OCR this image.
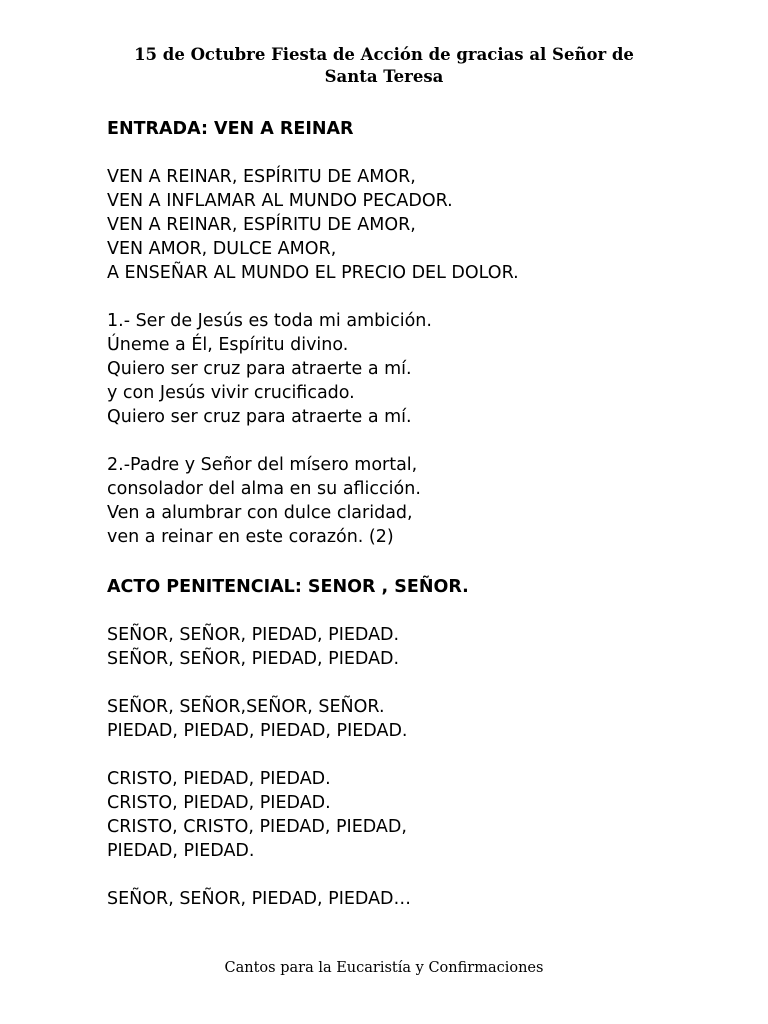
15 de Octubre Fiesta de Acción de gracias al Señor de
Santa Teresa
ENTRADA: VEN A REINAR
VEN A REINAR, ESPÍRITU DE AMOR,
VEN A INFLAMAR AL MUNDO PECADOR.
VEN A REINAR, ESPÍRITU DE AMOR,
VEN AMOR, DULCE AMOR,
A ENSEÑAR AL MUNDO EL PRECIO DEL DOLOR.
1.- Ser de Jesús es toda mi ambición.
Úneme a Él, Espíritu divino.
Quiero ser cruz para atraerte a mí.
y con Jesús vivir crucificado.
Quiero ser cruz para atraerte a mí.
2.-Padre y Señor del mísero mortal,
consolador del alma en su aflicción.
Ven a alumbrar con dulce claridad,
ven a reinar en este corazón. (2)
ACTO PENITENCIAL: SENOR , SEÑOR.
SEÑOR, SEÑOR, PIEDAD, PIEDAD.
SEÑOR, SEÑOR, PIEDAD, PIEDAD.
SEÑOR, SEÑOR,SEÑOR, SEÑOR.
PIEDAD, PIEDAD, PIEDAD, PIEDAD.
CRISTO, PIEDAD, PIEDAD.
CRISTO, PIEDAD, PIEDAD.
CRISTO, CRISTO, PIEDAD, PIEDAD,
PIEDAD, PIEDAD.
SEÑOR, SEÑOR, PIEDAD, PIEDAD…
Cantos para la Eucaristía y Confirmaciones
